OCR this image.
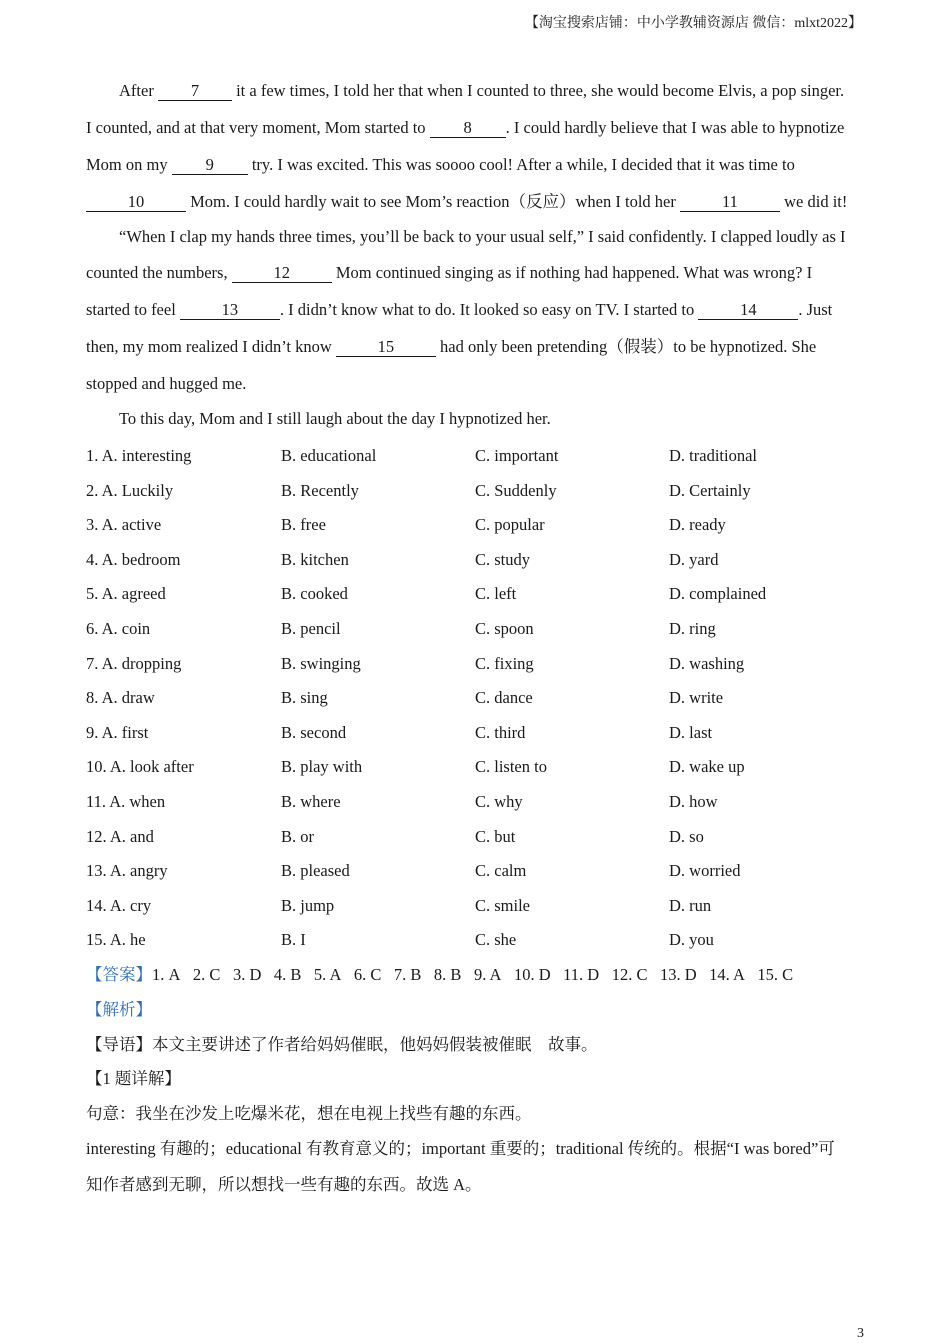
【淘宝搜索店铺：中小学教辅资源店 微信：mlxt2022】
After 7 it a few times, I told her that when I counted to three, she would become Elvis, a pop singer.
I counted, and at that very moment, Mom started to 8 . I could hardly believe that I was able to hypnotize
Mom on my 9 try. I was excited. This was soooo cool! After a while, I decided that it was time to
10	Mom. I could hardly wait to see Mom’s reaction（反应）when I told her	11	we did it!
“When I clap my hands three times, you’ll be back to your usual self,” I said confidently. I clapped loudly as I
counted the numbers,	12	Mom continued singing as if nothing had happened. What was wrong? I
started to feel	13	. I didn’t know what to do. It looked so easy on TV. I started to	14	. Just
then, my mom realized I didn’t know	15	had only been pretending（假装）to be hypnotized. She
stopped and hugged me.
To this day, Mom and I still laugh about the day I hypnotized her.
1. A. interesting	B. educational	C. important	D. traditional
2. A. Luckily	B. Recently	C. Suddenly	D. Certainly
3. A. active	B. free	C. popular	D. ready
4. A. bedroom	B. kitchen	C. study	D. yard
5. A. agreed	B. cooked	C. left	D. complained
6. A. coin	B. pencil	C. spoon	D. ring
7. A. dropping	B. swinging	C. fixing	D. washing
8. A. draw	B. sing	C. dance	D. write
9. A. first	B. second	C. third	D. last
10. A. look after	B. play with	C. listen to	D. wake up
11. A. when	B. where	C. why	D. how
12. A. and	B. or	C. but	D. so
13. A. angry	B. pleased	C. calm	D. worried
14. A. cry	B. jump	C. smile	D. run
15. A. he	B. I	C. she	D. you
【答案】1. A 2. C 3. D 4. B 5. A 6. C 7. B 8. B 9. A 10. D 11. D 12. C 13. D 14. A 15. C
【解析】
【导语】本文主要讲述了作者给妈妈催眠，他妈妈假装被催眠　故事。
【1 题详解】
句意：我坐在沙发上吃爆米花，想在电视上找些有趣的东西。
interesting 有趣的；educational 有教育意义的；important 重要的；traditional 传统的。根据“I was bored”可
知作者感到无聊，所以想找一些有趣的东西。故选 A。
3
